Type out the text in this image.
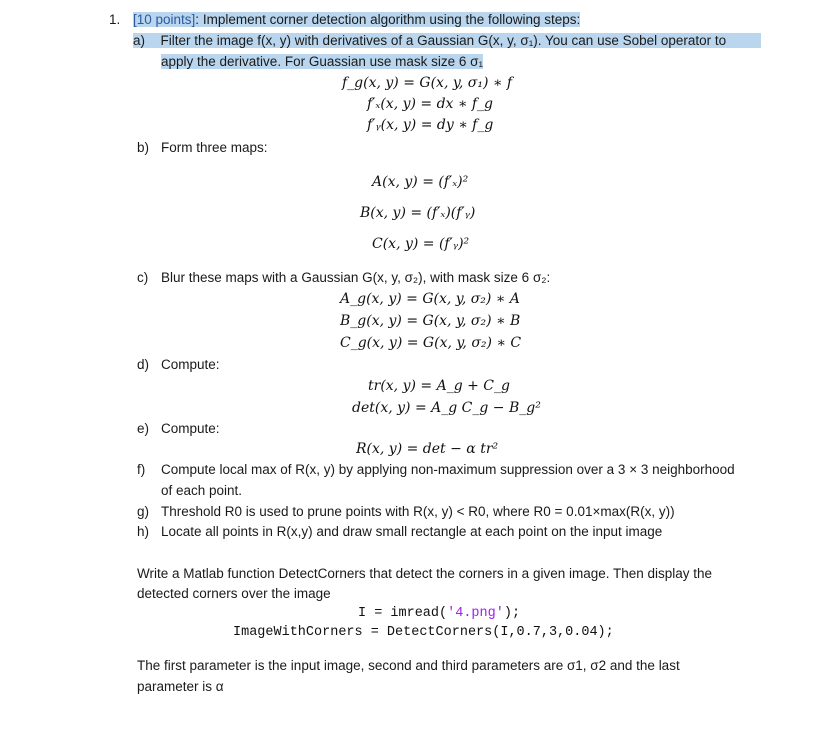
1. [10 points]: Implement corner detection algorithm using the following steps:
a) Filter the image f(x, y) with derivatives of a Gaussian G(x, y, σ₁). You can use Sobel operator to
apply the derivative. For Guassian use mask size 6 σ₁
f_g(x, y) = G(x, y, σ₁) ∗ f
f′ₓ(x, y) = dx ∗ f_g
f′ᵧ(x, y) = dy ∗ f_g
b) Form three maps:
A(x, y) = (f′ₓ)²
B(x, y) = (f′ₓ)(f′ᵧ)
C(x, y) = (f′ᵧ)²
c) Blur these maps with a Gaussian G(x, y, σ₂), with mask size 6 σ₂:
A_g(x, y) = G(x, y, σ₂) ∗ A
B_g(x, y) = G(x, y, σ₂) ∗ B
C_g(x, y) = G(x, y, σ₂) ∗ C
d) Compute:
tr(x, y) = A_g + C_g
det(x, y) = A_g C_g − B_g²
e) Compute:
R(x, y) = det − α tr²
f) Compute local max of R(x, y) by applying non-maximum suppression over a 3 × 3 neighborhood
of each point.
g) Threshold R0 is used to prune points with R(x, y) < R0, where R0 = 0.01×max(R(x, y))
h) Locate all points in R(x,y) and draw small rectangle at each point on the input image
Write a Matlab function DetectCorners that detect the corners in a given image. Then display the
detected corners over the image
I = imread('4.png');
ImageWithCorners = DetectCorners(I,0.7,3,0.04);
The first parameter is the input image, second and third parameters are σ1, σ2 and the last
parameter is α
